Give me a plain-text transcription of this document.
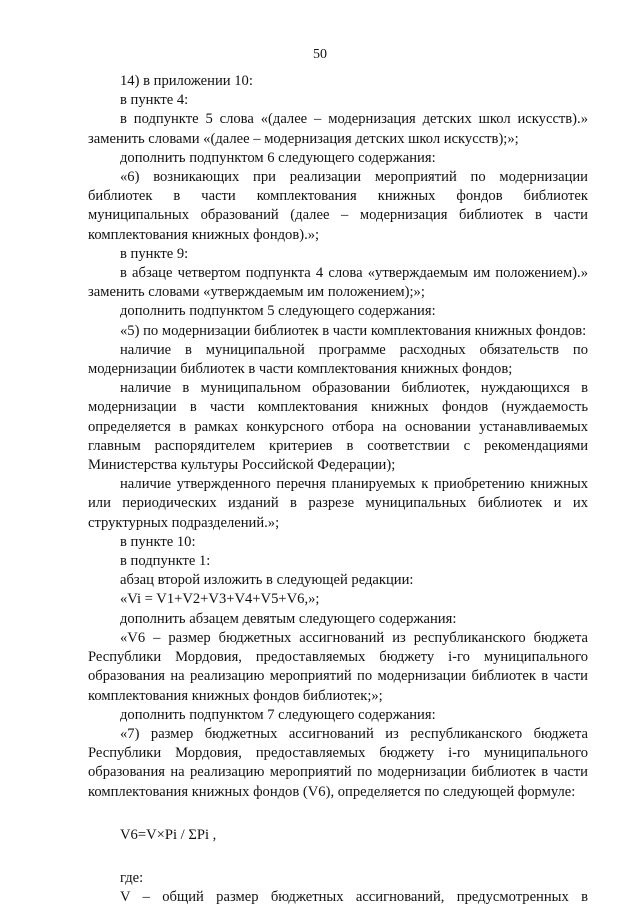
50

14) в приложении 10:

в пункте 4:

в подпункте 5 слова «(далее – модернизация детских школ искусств).» заменить словами «(далее – модернизация детских школ искусств);»;

дополнить подпунктом 6 следующего содержания:

«6) возникающих при реализации мероприятий по модернизации библиотек в части комплектования книжных фондов библиотек муниципальных образований (далее – модернизация библиотек в части комплектования книжных фондов).»;

в пункте 9:

в абзаце четвертом подпункта 4 слова «утверждаемым им положением).» заменить словами «утверждаемым им положением);»;

дополнить подпунктом 5 следующего содержания:

«5) по модернизации библиотек в части комплектования книжных фондов:

наличие в муниципальной программе расходных обязательств по модернизации библиотек в части комплектования книжных фондов;

наличие в муниципальном образовании библиотек, нуждающихся в модернизации в части комплектования книжных фондов (нуждаемость определяется в рамках конкурсного отбора на основании устанавливаемых главным распорядителем критериев в соответствии с рекомендациями Министерства культуры Российской Федерации);

наличие утвержденного перечня планируемых к приобретению книжных или периодических изданий в разрезе муниципальных библиотек и их структурных подразделений.»;

в пункте 10:

в подпункте 1:

абзац второй изложить в следующей редакции:

«Vi = V1+V2+V3+V4+V5+V6,»;

дополнить абзацем девятым следующего содержания:

«V6 – размер бюджетных ассигнований из республиканского бюджета Республики Мордовия, предоставляемых бюджету i-го муниципального образования на реализацию мероприятий по модернизации библиотек в части комплектования книжных фондов библиотек;»;

дополнить подпунктом 7 следующего содержания:

«7) размер бюджетных ассигнований из республиканского бюджета Республики Мордовия, предоставляемых бюджету i-го муниципального образования на реализацию мероприятий по модернизации библиотек в части комплектования книжных фондов (V6), определяется по следующей формуле:

V6=V×Pi / ΣPi ,

где:

V – общий размер бюджетных ассигнований, предусмотренных в
